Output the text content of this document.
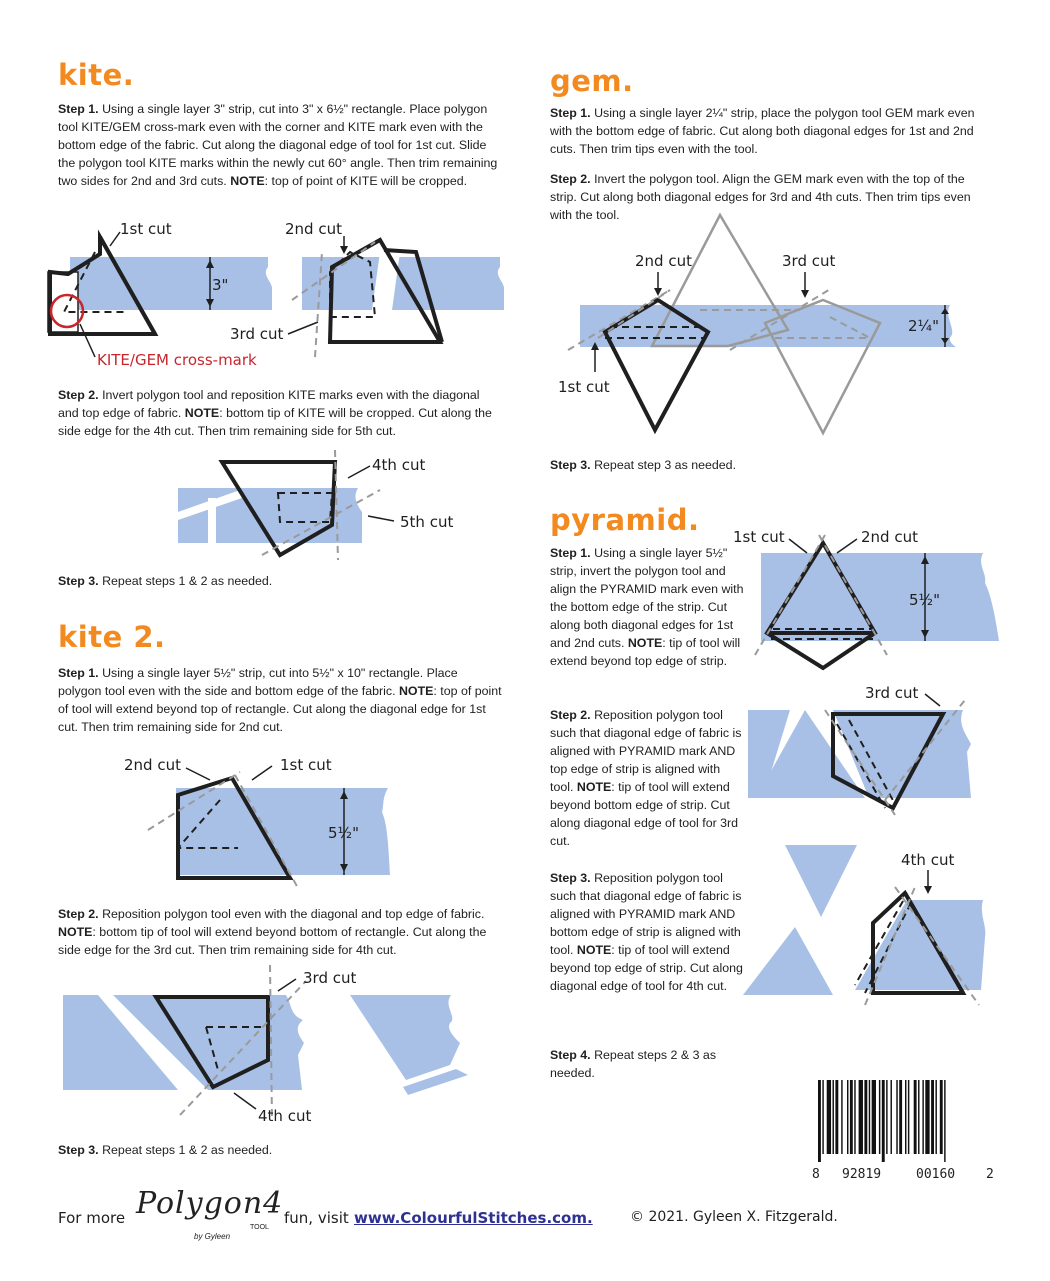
kite.
Step 1. Using a single layer 3" strip, cut into 3" x 6½" rectangle. Place polygon tool KITE/GEM cross-mark even with the corner and KITE mark even with the bottom edge of the fabric. Cut along the diagonal edge of tool for 1st cut. Slide the polygon tool KITE marks within the newly cut 60° angle. Then trim remaining two sides for 2nd and 3rd cuts. NOTE: top of point of KITE will be cropped.
3"
1st cut
KITE/GEM cross-mark
2nd cut
3rd cut
Step 2. Invert polygon tool and reposition KITE marks even with the diagonal and top edge of fabric. NOTE: bottom tip of KITE will be cropped. Cut along the side edge for the 4th cut. Then trim remaining side for 5th cut.
4th cut
5th cut
Step 3. Repeat steps 1 & 2 as needed.
kite 2.
Step 1. Using a single layer 5½" strip, cut into 5½" x 10" rectangle. Place polygon tool even with the side and bottom edge of the fabric. NOTE: top of point of tool will extend beyond top of rectangle. Cut along the diagonal edge for 1st cut. Then trim remaining side for 2nd cut.
5½"
2nd cut	1st cut
Step 2. Reposition polygon tool even with the diagonal and top edge of fabric. NOTE: bottom tip of tool will extend beyond bottom of rectangle. Cut along the side edge for the 3rd cut. Then trim remaining side for 4th cut.
3rd cut
4th cut
Step 3. Repeat steps 1 & 2 as needed.
gem.
Step 1. Using a single layer 2¼" strip, place the polygon tool GEM mark even with the bottom edge of fabric. Cut along both diagonal edges for 1st and 2nd cuts. Then trim tips even with the tool.
Step 2. Invert the polygon tool. Align the GEM mark even with the top of the strip. Cut along both diagonal edges for 3rd and 4th cuts. Then trim tips even with the tool.
2nd cut	3rd cut
1st cut
2¼"
Step 3. Repeat step 3 as needed.
pyramid.
Step 1. Using a single layer 5½" strip, invert the polygon tool and align the PYRAMID mark even with the bottom edge of the strip. Cut along both diagonal edges for 1st and 2nd cuts. NOTE: tip of tool will extend beyond top edge of strip.
5½"
1st cut	2nd cut
Step 2. Reposition polygon tool such that diagonal edge of fabric is aligned with PYRAMID mark AND top edge of strip is aligned with tool. NOTE: tip of tool will extend beyond bottom edge of strip. Cut along diagonal edge of tool for 3rd cut.
3rd cut
Step 3. Reposition polygon tool such that diagonal edge of fabric is aligned with PYRAMID mark AND bottom edge of strip is aligned with tool. NOTE: tip of tool will extend beyond top edge of strip. Cut along diagonal edge of tool for 4th cut.
4th cut
Step 4. Repeat steps 2 & 3 as needed.
8 92819	00160 2
For more Polygon4
TOOL
by Gyleen
fun, visit www.ColourfulStitches.com.	© 2021. Gyleen X. Fitzgerald.
